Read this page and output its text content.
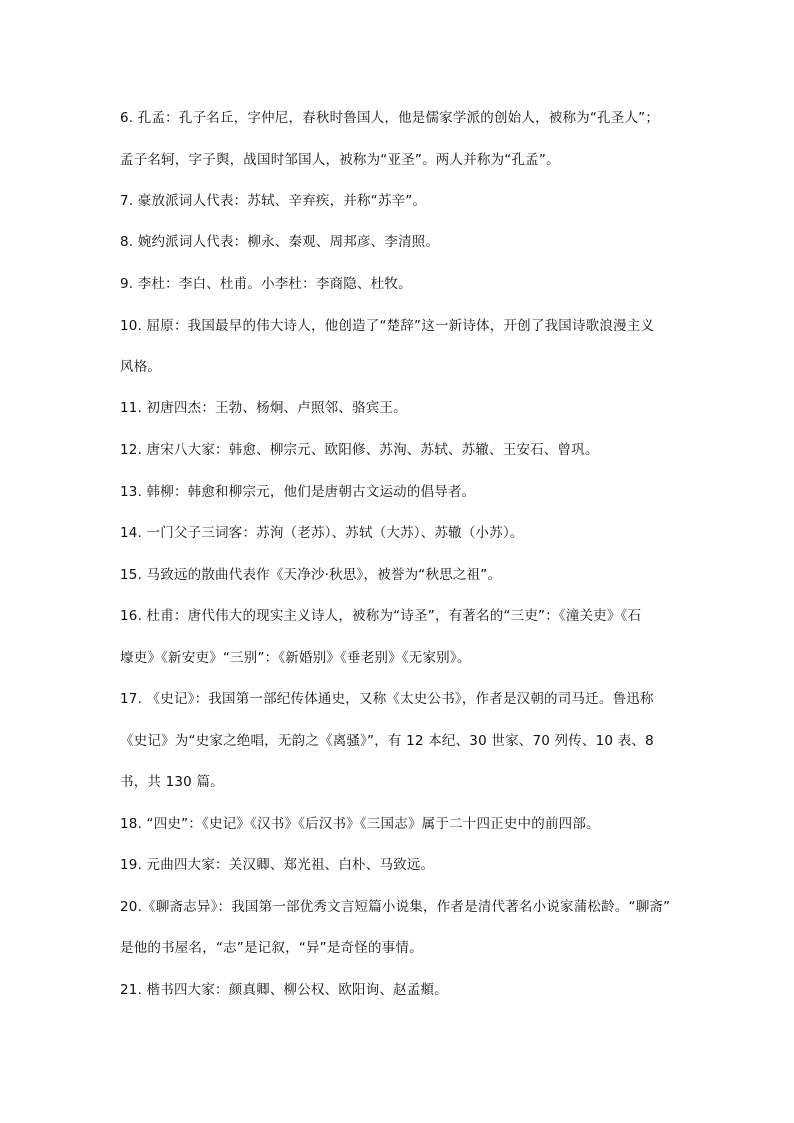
6. 孔孟：孔子名丘，字仲尼，春秋时鲁国人，他是儒家学派的创始人，被称为“孔圣人”；
孟子名轲，字子舆，战国时邹国人，被称为“亚圣”。两人并称为“孔孟”。
7. 豪放派词人代表：苏轼、辛弃疾，并称“苏辛”。
8. 婉约派词人代表：柳永、秦观、周邦彦、李清照。
9. 李杜：李白、杜甫。小李杜：李商隐、杜牧。
10. 屈原：我国最早的伟大诗人，他创造了“楚辞”这一新诗体，开创了我国诗歌浪漫主义
风格。
11. 初唐四杰：王勃、杨炯、卢照邻、骆宾王。
12. 唐宋八大家：韩愈、柳宗元、欧阳修、苏洵、苏轼、苏辙、王安石、曾巩。
13. 韩柳：韩愈和柳宗元，他们是唐朝古文运动的倡导者。
14. 一门父子三词客：苏洵（老苏）、苏轼（大苏）、苏辙（小苏）。
15. 马致远的散曲代表作《天净沙·秋思》，被誉为“秋思之祖”。
16. 杜甫：唐代伟大的现实主义诗人，被称为“诗圣”，有著名的“三吏”：《潼关吏》《石
壕吏》《新安吏》“三别”：《新婚别》《垂老别》《无家别》。
17. 《史记》：我国第一部纪传体通史，又称《太史公书》，作者是汉朝的司马迁。鲁迅称
《史记》为“史家之绝唱，无韵之《离骚》”，有 12 本纪、30 世家、70 列传、10 表、8
书，共 130 篇。
18. “四史”：《史记》《汉书》《后汉书》《三国志》属于二十四正史中的前四部。
19. 元曲四大家：关汉卿、郑光祖、白朴、马致远。
20.《聊斋志异》：我国第一部优秀文言短篇小说集，作者是清代著名小说家蒲松龄。“聊斋”
是他的书屋名，“志”是记叙，“异”是奇怪的事情。
21. 楷书四大家：颜真卿、柳公权、欧阳询、赵孟頫。
